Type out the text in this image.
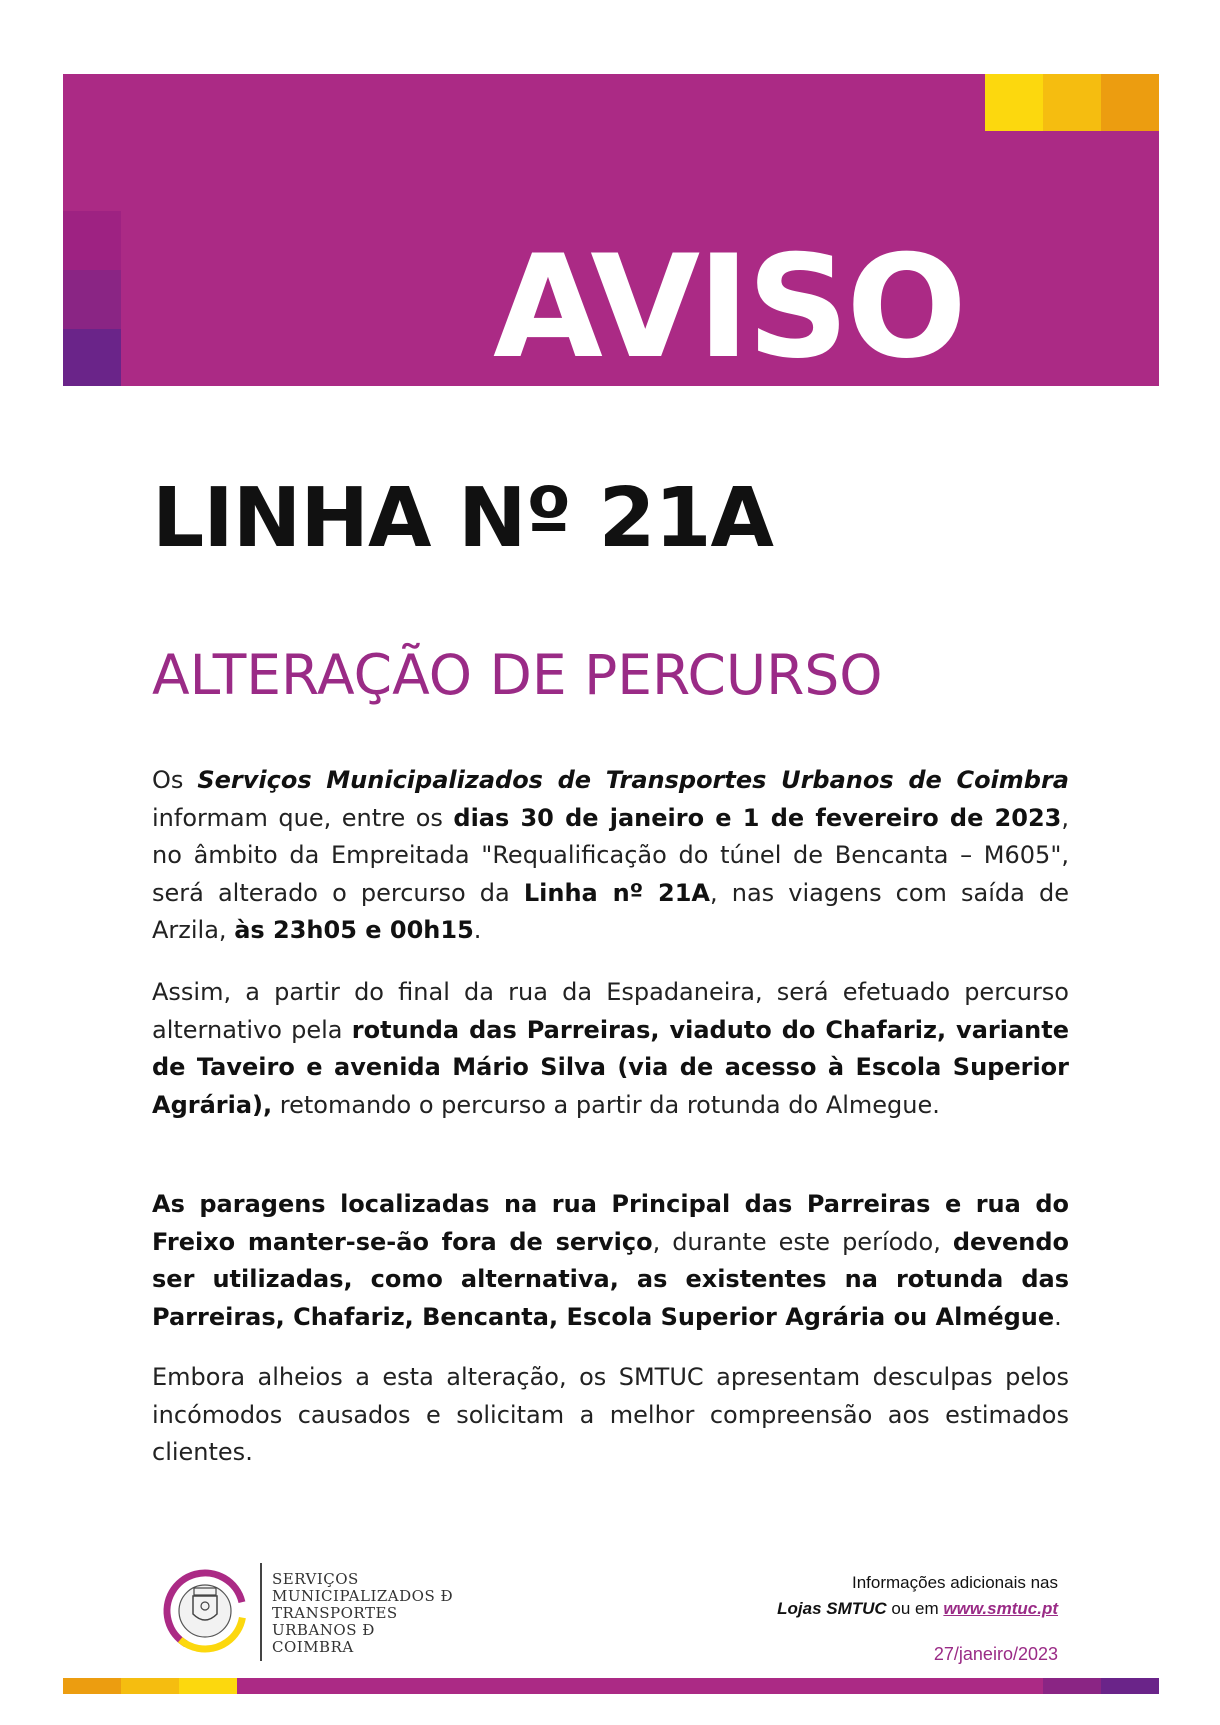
AVISO
LINHA Nº 21A
ALTERAÇÃO DE PERCURSO
Os Serviços Municipalizados de Transportes Urbanos de Coimbra informam que, entre os dias 30 de janeiro e 1 de fevereiro de 2023, no âmbito da Empreitada "Requalificação do túnel de Bencanta – M605", será alterado o percurso da Linha nº 21A, nas viagens com saída de Arzila, às 23h05 e 00h15.
Assim, a partir do final da rua da Espadaneira, será efetuado percurso alternativo pela rotunda das Parreiras, viaduto do Chafariz, variante de Taveiro e avenida Mário Silva (via de acesso à Escola Superior Agrária), retomando o percurso a partir da rotunda do Almegue.
As paragens localizadas na rua Principal das Parreiras e rua do Freixo manter-se-ão fora de serviço, durante este período, devendo ser utilizadas, como alternativa, as existentes na rotunda das Parreiras, Chafariz, Bencanta, Escola Superior Agrária ou Almégue.
Embora alheios a esta alteração, os SMTUC apresentam desculpas pelos incómodos causados e solicitam a melhor compreensão aos estimados clientes.
SERVIÇOS
MUNICIPALIZADOS Ð
TRANSPORTES
URBANOS Ð
COIMBRA
Informações adicionais nas
Lojas SMTUC ou em www.smtuc.pt
27/janeiro/2023
